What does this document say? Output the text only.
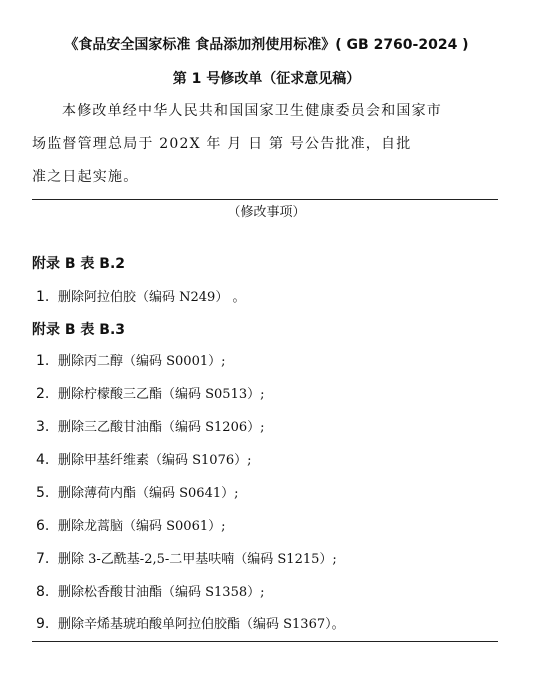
《食品安全国家标准 食品添加剂使用标准》( GB 2760-2024 )
第 1 号修改单（征求意见稿）
本修改单经中华人民共和国国家卫生健康委员会和国家市
场监督管理总局于 202X 年 月 日 第 号公告批准，自批
准之日起实施。
（修改事项）
附录 B 表 B.2
1. 删除阿拉伯胶（编码 N249） 。
附录 B 表 B.3
1. 删除丙二醇（编码 S0001）;
2. 删除柠檬酸三乙酯（编码 S0513）;
3. 删除三乙酸甘油酯（编码 S1206）;
4. 删除甲基纤维素（编码 S1076）;
5. 删除薄荷内酯（编码 S0641）;
6. 删除龙蒿脑（编码 S0061）;
7. 删除 3-乙酰基-2,5-二甲基呋喃（编码 S1215）;
8. 删除松香酸甘油酯（编码 S1358）;
9. 删除辛烯基琥珀酸单阿拉伯胶酯（编码 S1367）。
